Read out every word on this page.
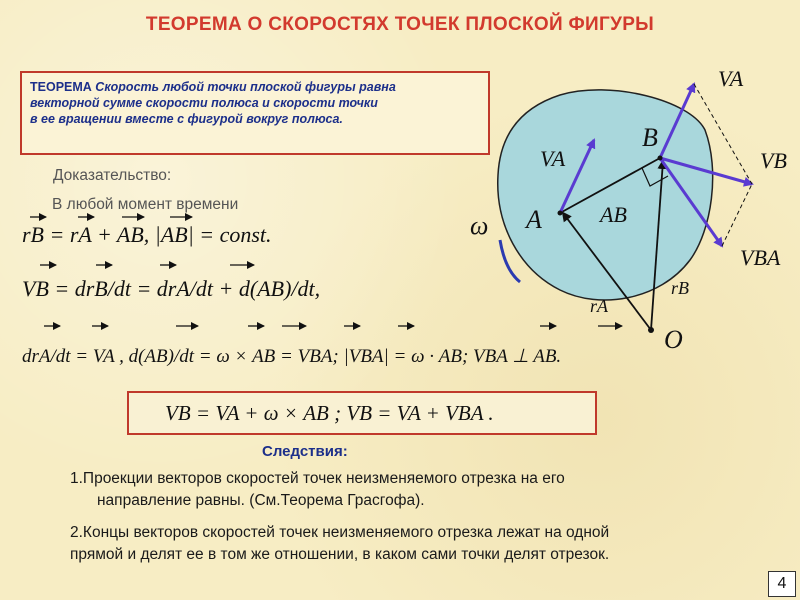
ТЕОРЕМА О СКОРОСТЯХ ТОЧЕК ПЛОСКОЙ ФИГУРЫ
ТЕОРЕМА Скорость любой точки плоской фигуры равна
векторной сумме скорости полюса и скорости точки
в ее вращении вместе с фигурой вокруг полюса.
Доказательство:
В любой момент времени
A
B
O
ω	AB
rA
rB
VA
VA	VB
VBA
rB = rA + AB, |AB| = const.
VB = drB/dt = drA/dt + d(AB)/dt,
drA/dt = VA , d(AB)/dt = ω × AB = VBA; |VBA| = ω · AB; VBA ⊥ AB.
VB = VA + ω × AB ; VB = VA + VBA .
Следствия:
1.Проекции векторов скоростей точек неизменяемого отрезка на его
направление равны. (См.Теорема Грасгофа).
2.Концы векторов скоростей точек неизменяемого отрезка лежат на одной
прямой и делят ее в том же отношении, в каком сами точки делят отрезок.
4
